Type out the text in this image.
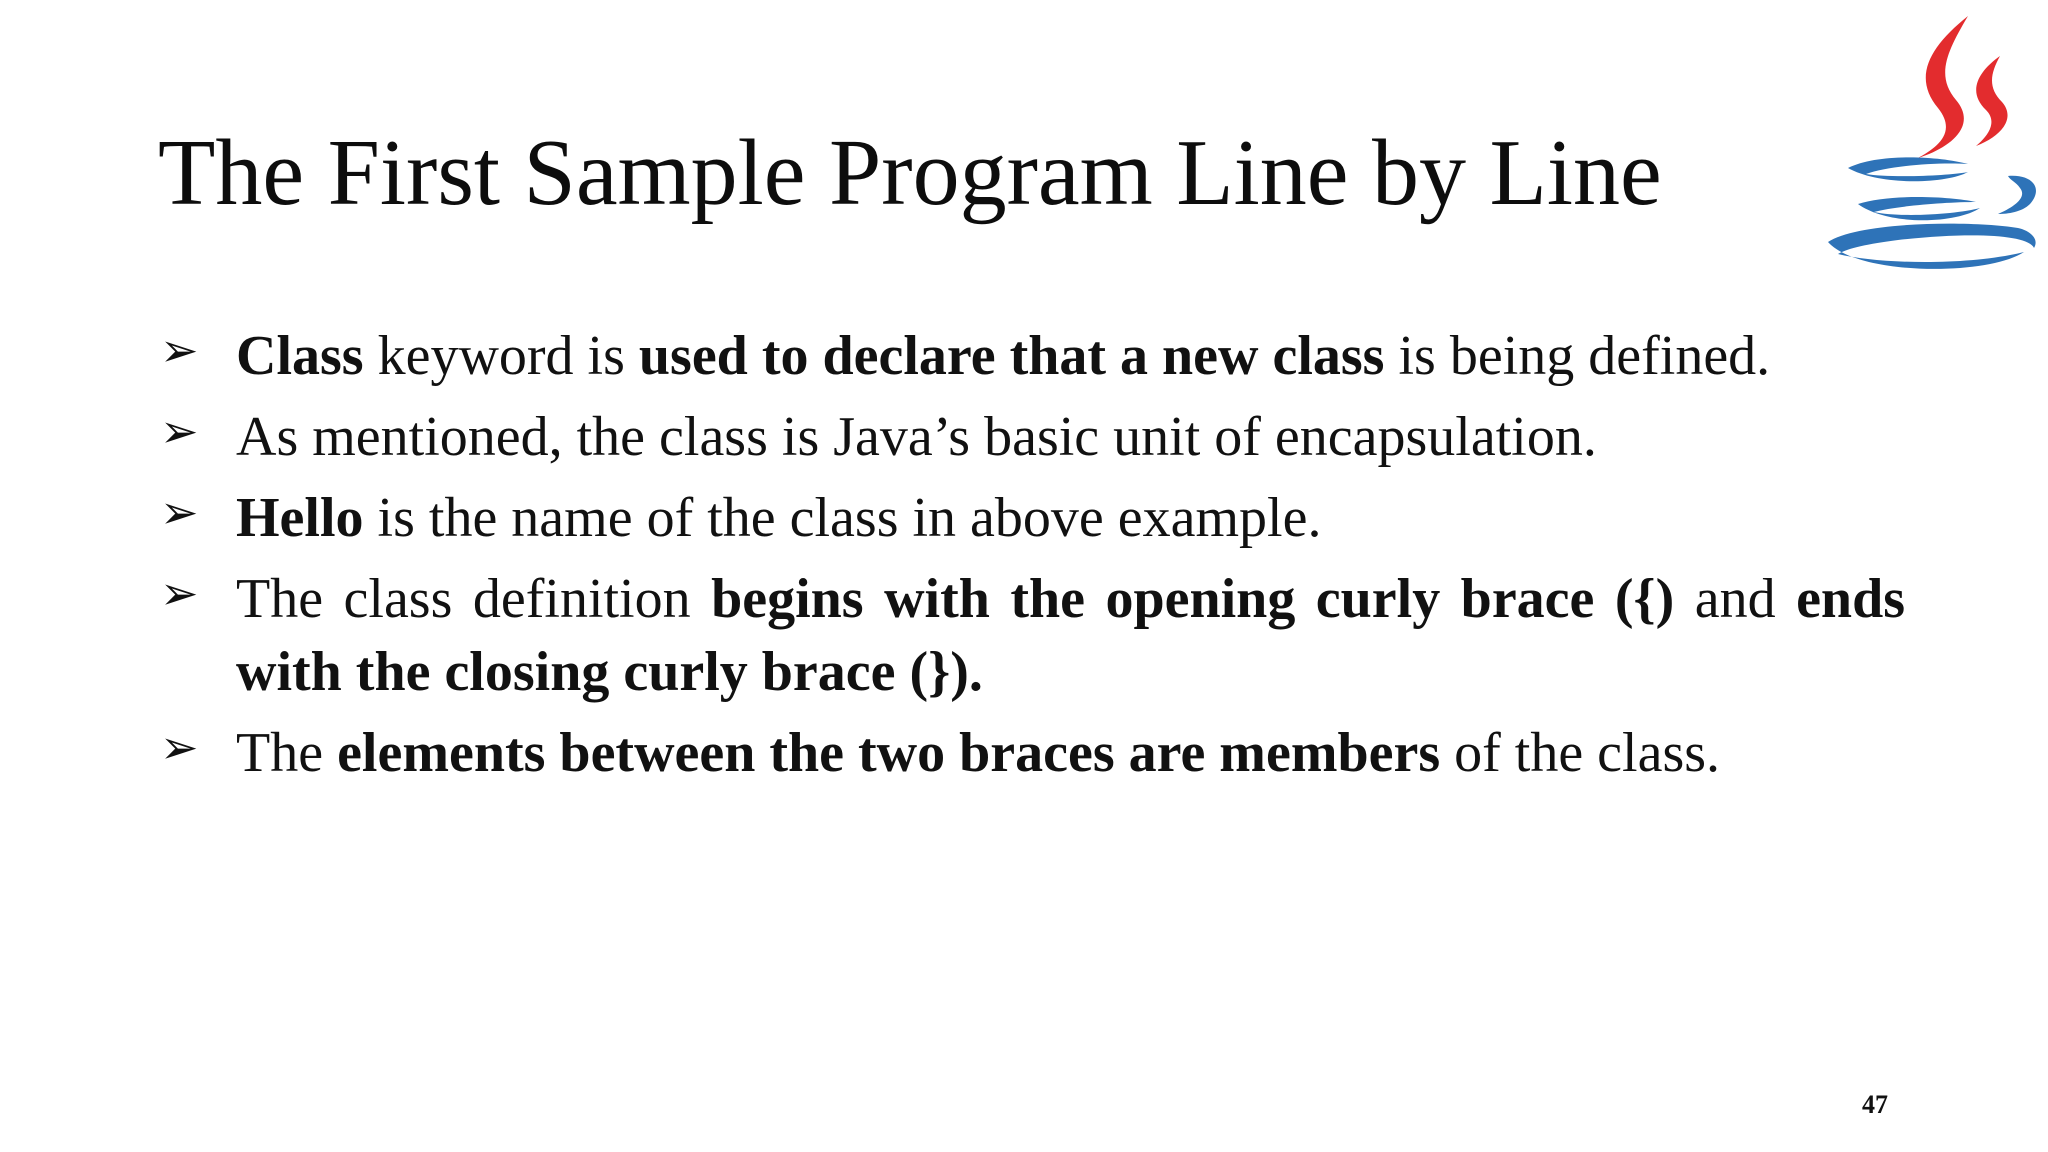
The First Sample Program Line by Line
➢ Class keyword is used to declare that a new class is being defined.
➢ As mentioned, the class is Java’s basic unit of encapsulation.
➢ Hello is the name of the class in above example.
➢ The class definition begins with the opening curly brace ({) and ends with the closing curly brace (}).
➢ The elements between the two braces are members of the class.
47
